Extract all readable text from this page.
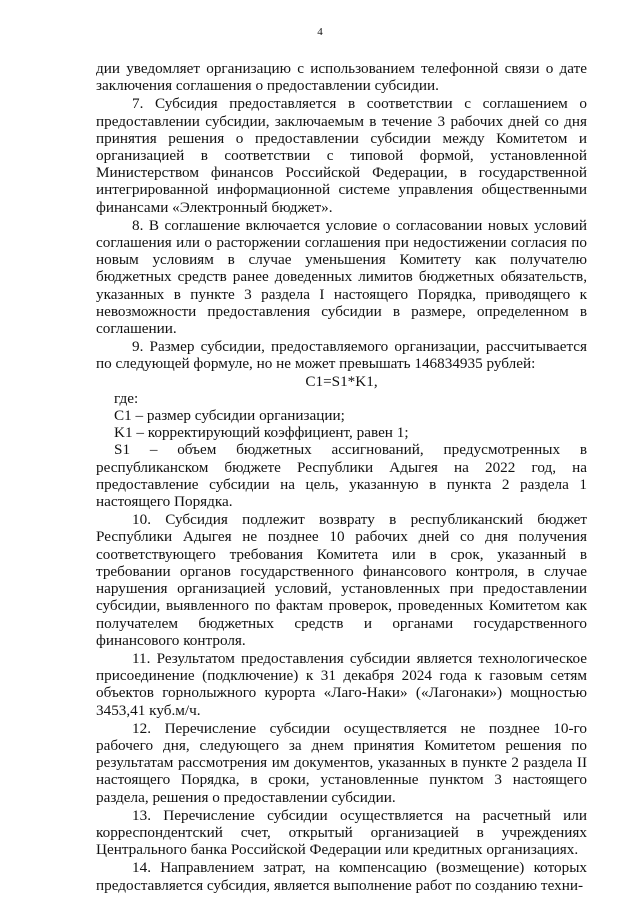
4

дии уведомляет организацию с использованием телефонной связи о дате заключения соглашения о предоставлении субсидии.

7. Субсидия предоставляется в соответствии с соглашением о предоставлении субсидии, заключаемым в течение 3 рабочих дней со дня принятия решения о предоставлении субсидии между Комитетом и организацией в соответствии с типовой формой, установленной Министерством финансов Российской Федерации, в государственной интегрированной информационной системе управления общественными финансами «Электронный бюджет».

8. В соглашение включается условие о согласовании новых условий соглашения или о расторжении соглашения при недостижении согласия по новым условиям в случае уменьшения Комитету как получателю бюджетных средств ранее доведенных лимитов бюджетных обязательств, указанных в пункте 3 раздела I настоящего Порядка, приводящего к невозможности предоставления субсидии в размере, определенном в соглашении.

9. Размер субсидии, предоставляемого организации, рассчитывается по следующей формуле, но не может превышать 146834935 рублей:

С1=S1*K1,

где:

С1 – размер субсидии организации;

K1 – корректирующий коэффициент, равен 1;

S1 – объем бюджетных ассигнований, предусмотренных в республиканском бюджете Республики Адыгея на 2022 год, на предоставление субсидии на цель, указанную в пункта 2 раздела 1 настоящего Порядка.

10. Субсидия подлежит возврату в республиканский бюджет Республики Адыгея не позднее 10 рабочих дней со дня получения соответствующего требования Комитета или в срок, указанный в требовании органов государственного финансового контроля, в случае нарушения организацией условий, установленных при предоставлении субсидии, выявленного по фактам проверок, проведенных Комитетом как получателем бюджетных средств и органами государственного финансового контроля.

11. Результатом предоставления субсидии является технологическое присоединение (подключение) к 31 декабря 2024 года к газовым сетям объектов горнолыжного курорта «Лаго-Наки» («Лагонаки») мощностью 3453,41 куб.м/ч.

12. Перечисление субсидии осуществляется не позднее 10-го рабочего дня, следующего за днем принятия Комитетом решения по результатам рассмотрения им документов, указанных в пункте 2 раздела II настоящего Порядка, в сроки, установленные пунктом 3 настоящего раздела, решения о предоставлении субсидии.

13. Перечисление субсидии осуществляется на расчетный или корреспондентский счет, открытый организацией в учреждениях Центрального банка Российской Федерации или кредитных организациях.

14. Направлением затрат, на компенсацию (возмещение) которых предоставляется субсидия, является выполнение работ по созданию техни-
